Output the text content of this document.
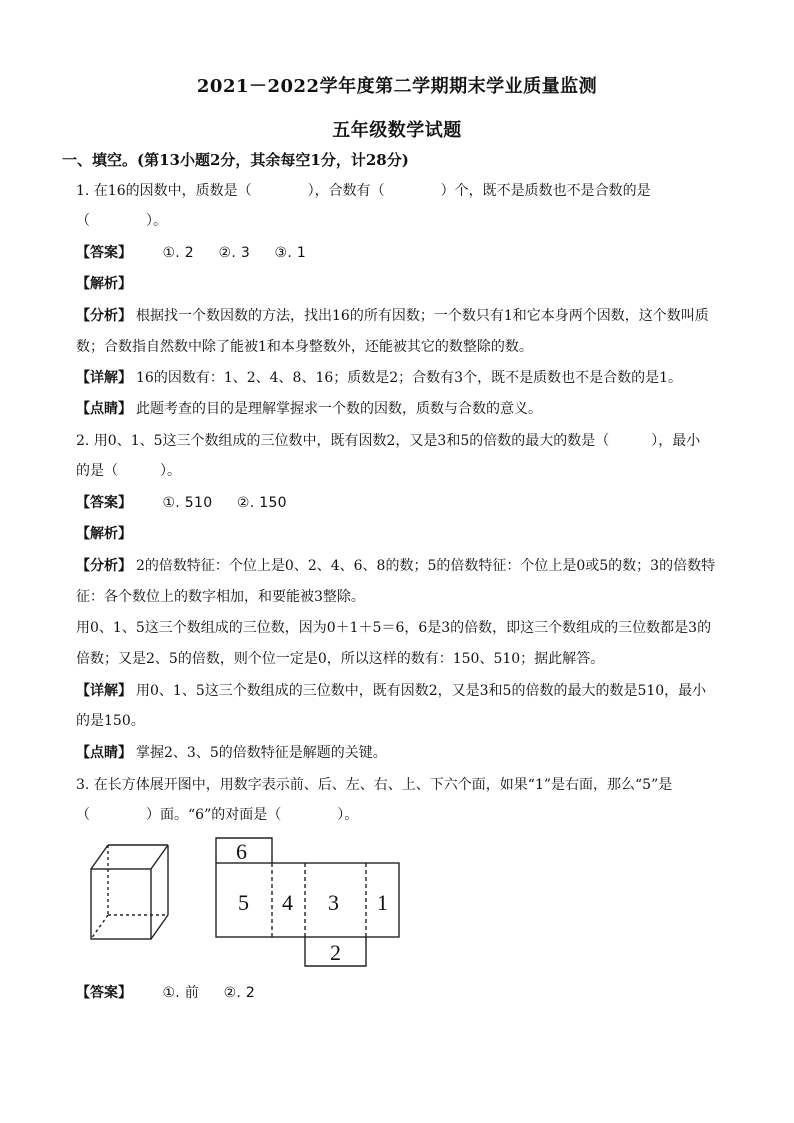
2021－2022学年度第二学期期末学业质量监测
五年级数学试题
一、填空。(第13小题2分，其余每空1分，计28分)
1. 在16的因数中，质数是（　　　　），合数有（　　　　）个，既不是质数也不是合数的是
（　　　　）。
【答案】 ①. 2 ②. 3 ③. 1
【解析】
【分析】 根据找一个数因数的方法，找出16的所有因数；一个数只有1和它本身两个因数，这个数叫质
数；合数指自然数中除了能被1和本身整数外，还能被其它的数整除的数。
【详解】 16的因数有：1、2、4、8、16；质数是2；合数有3个，既不是质数也不是合数的是1。
【点睛】 此题考查的目的是理解掌握求一个数的因数，质数与合数的意义。
2. 用0、1、5这三个数组成的三位数中，既有因数2，又是3和5的倍数的最大的数是（　　　），最小
的是（　　　）。
【答案】 ①. 510 ②. 150
【解析】
【分析】 2的倍数特征：个位上是0、2、4、6、8的数；5的倍数特征：个位上是0或5的数；3的倍数特
征：各个数位上的数字相加，和要能被3整除。
用0、1、5这三个数组成的三位数，因为0＋1＋5＝6，6是3的倍数，即这三个数组成的三位数都是3的
倍数；又是2、5的倍数，则个位一定是0，所以这样的数有：150、510；据此解答。
【详解】 用0、1、5这三个数组成的三位数中，既有因数2，又是3和5的倍数的最大的数是510，最小
的是150。
【点睛】 掌握2、3、5的倍数特征是解题的关键。
3. 在长方体展开图中，用数字表示前、后、左、右、上、下六个面，如果“1”是右面，那么“5”是
（　　　　）面。“6”的对面是（　　　　）。
6
5 4 3 1
2
【答案】 ①. 前 ②. 2
